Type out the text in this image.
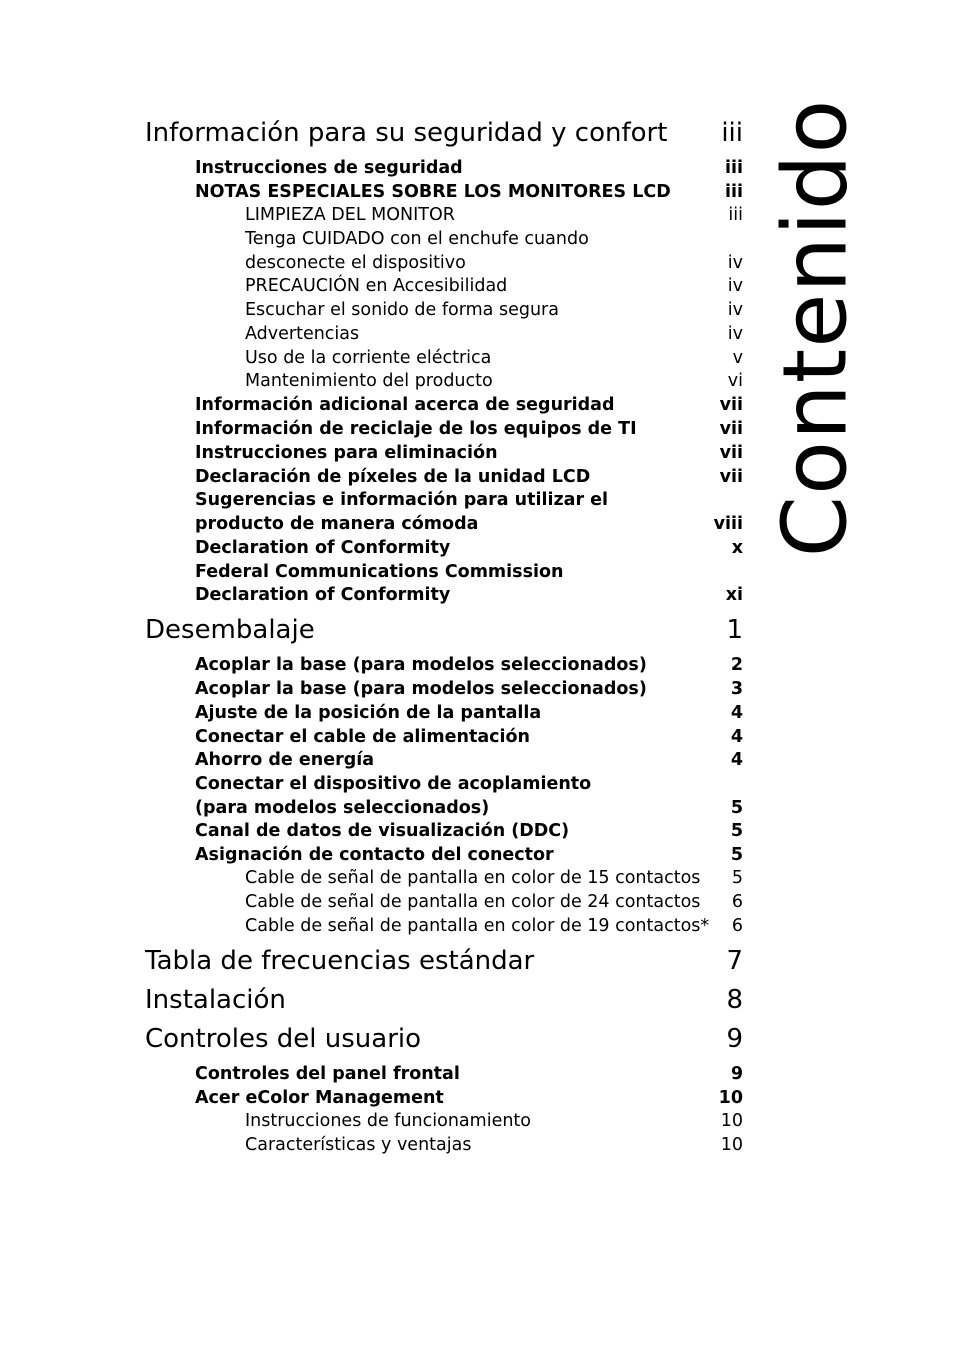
Contenido
Información para su seguridad y confort iii
Instrucciones de seguridad	iii
NOTAS ESPECIALES SOBRE LOS MONITORES LCD	iii
LIMPIEZA DEL MONITOR	iii
Tenga CUIDADO con el enchufe cuando
desconecte el dispositivo	iv
PRECAUCIÓN en Accesibilidad	iv
Escuchar el sonido de forma segura	iv
Advertencias	iv
Uso de la corriente eléctrica	v
Mantenimiento del producto	vi
Información adicional acerca de seguridad	vii
Información de reciclaje de los equipos de TI	vii
Instrucciones para eliminación	vii
Declaración de píxeles de la unidad LCD	vii
Sugerencias e información para utilizar el
producto de manera cómoda	viii
Declaration of Conformity	x
Federal Communications Commission
Declaration of Conformity	xi
Desembalaje	1
Acoplar la base (para modelos seleccionados)	2
Acoplar la base (para modelos seleccionados)	3
Ajuste de la posición de la pantalla	4
Conectar el cable de alimentación	4
Ahorro de energía	4
Conectar el dispositivo de acoplamiento
(para modelos seleccionados)	5
Canal de datos de visualización (DDC)	5
Asignación de contacto del conector	5
Cable de señal de pantalla en color de 15 contactos 5
Cable de señal de pantalla en color de 24 contactos 6
Cable de señal de pantalla en color de 19 contactos* 6
Tabla de frecuencias estándar	7
Instalación	8
Controles del usuario	9
Controles del panel frontal	9
Acer eColor Management	10
Instrucciones de funcionamiento	10
Características y ventajas	10
